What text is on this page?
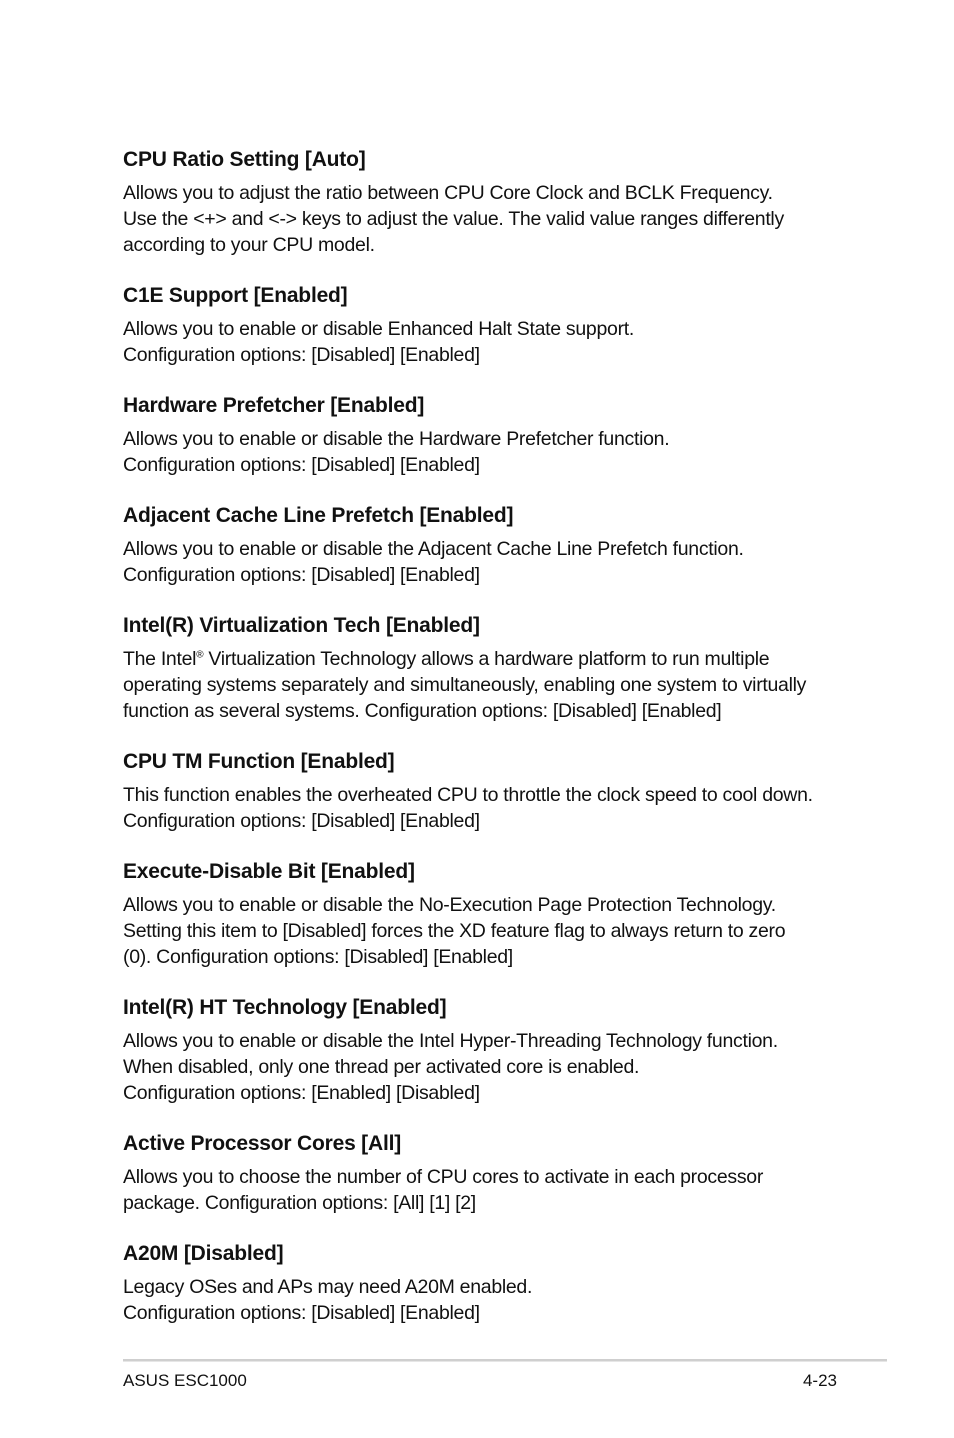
CPU Ratio Setting [Auto]

Allows you to adjust the ratio between CPU Core Clock and BCLK Frequency.
Use the <+> and <-> keys to adjust the value. The valid value ranges differently
according to your CPU model.

C1E Support [Enabled]

Allows you to enable or disable Enhanced Halt State support.
Configuration options: [Disabled] [Enabled]

Hardware Prefetcher [Enabled]

Allows you to enable or disable the Hardware Prefetcher function.
Configuration options: [Disabled] [Enabled]

Adjacent Cache Line Prefetch [Enabled]

Allows you to enable or disable the Adjacent Cache Line Prefetch function.
Configuration options: [Disabled] [Enabled]

Intel(R) Virtualization Tech [Enabled]

The Intel® Virtualization Technology allows a hardware platform to run multiple
operating systems separately and simultaneously, enabling one system to virtually
function as several systems. Configuration options: [Disabled] [Enabled]

CPU TM Function [Enabled]

This function enables the overheated CPU to throttle the clock speed to cool down.
Configuration options: [Disabled] [Enabled]

Execute-Disable Bit [Enabled]

Allows you to enable or disable the No-Execution Page Protection Technology.
Setting this item to [Disabled] forces the XD feature flag to always return to zero
(0). Configuration options: [Disabled] [Enabled]

Intel(R) HT Technology [Enabled]

Allows you to enable or disable the Intel Hyper-Threading Technology function.
When disabled, only one thread per activated core is enabled.
Configuration options: [Enabled] [Disabled]

Active Processor Cores [All]

Allows you to choose the number of CPU cores to activate in each processor
package. Configuration options: [All] [1] [2]

A20M [Disabled]

Legacy OSes and APs may need A20M enabled.
Configuration options: [Disabled] [Enabled]

ASUS ESC1000	4-23
